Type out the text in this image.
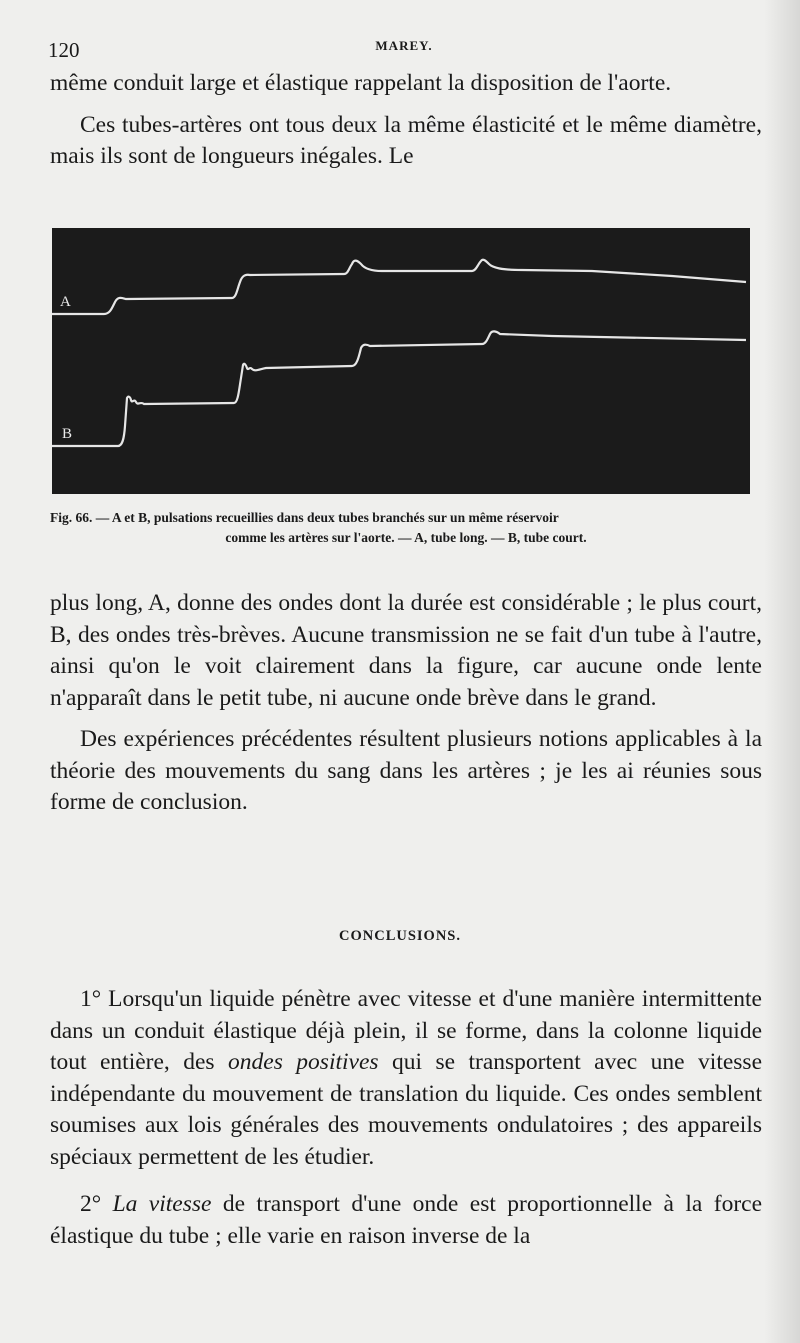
120	MAREY.

même conduit large et élastique rappelant la disposition de l'aorte.

Ces tubes-artères ont tous deux la même élasticité et le même diamètre, mais ils sont de longueurs inégales. Le

A
B
Fig. 66. — A et B, pulsations recueillies dans deux tubes branchés sur un même réservoir
comme les artères sur l'aorte. — A, tube long. — B, tube court.

plus long, A, donne des ondes dont la durée est considérable ; le plus court, B, des ondes très-brèves. Aucune transmission ne se fait d'un tube à l'autre, ainsi qu'on le voit clairement dans la figure, car aucune onde lente n'apparaît dans le petit tube, ni aucune onde brève dans le grand.

Des expériences précédentes résultent plusieurs notions applicables à la théorie des mouvements du sang dans les artères ; je les ai réunies sous forme de conclusion.

CONCLUSIONS.

1° Lorsqu'un liquide pénètre avec vitesse et d'une manière intermittente dans un conduit élastique déjà plein, il se forme, dans la colonne liquide tout entière, des ondes positives qui se transportent avec une vitesse indépendante du mouvement de translation du liquide. Ces ondes semblent soumises aux lois générales des mouvements ondulatoires ; des appareils spéciaux permettent de les étudier.

2° La vitesse de transport d'une onde est proportionnelle à la force élastique du tube ; elle varie en raison inverse de la
